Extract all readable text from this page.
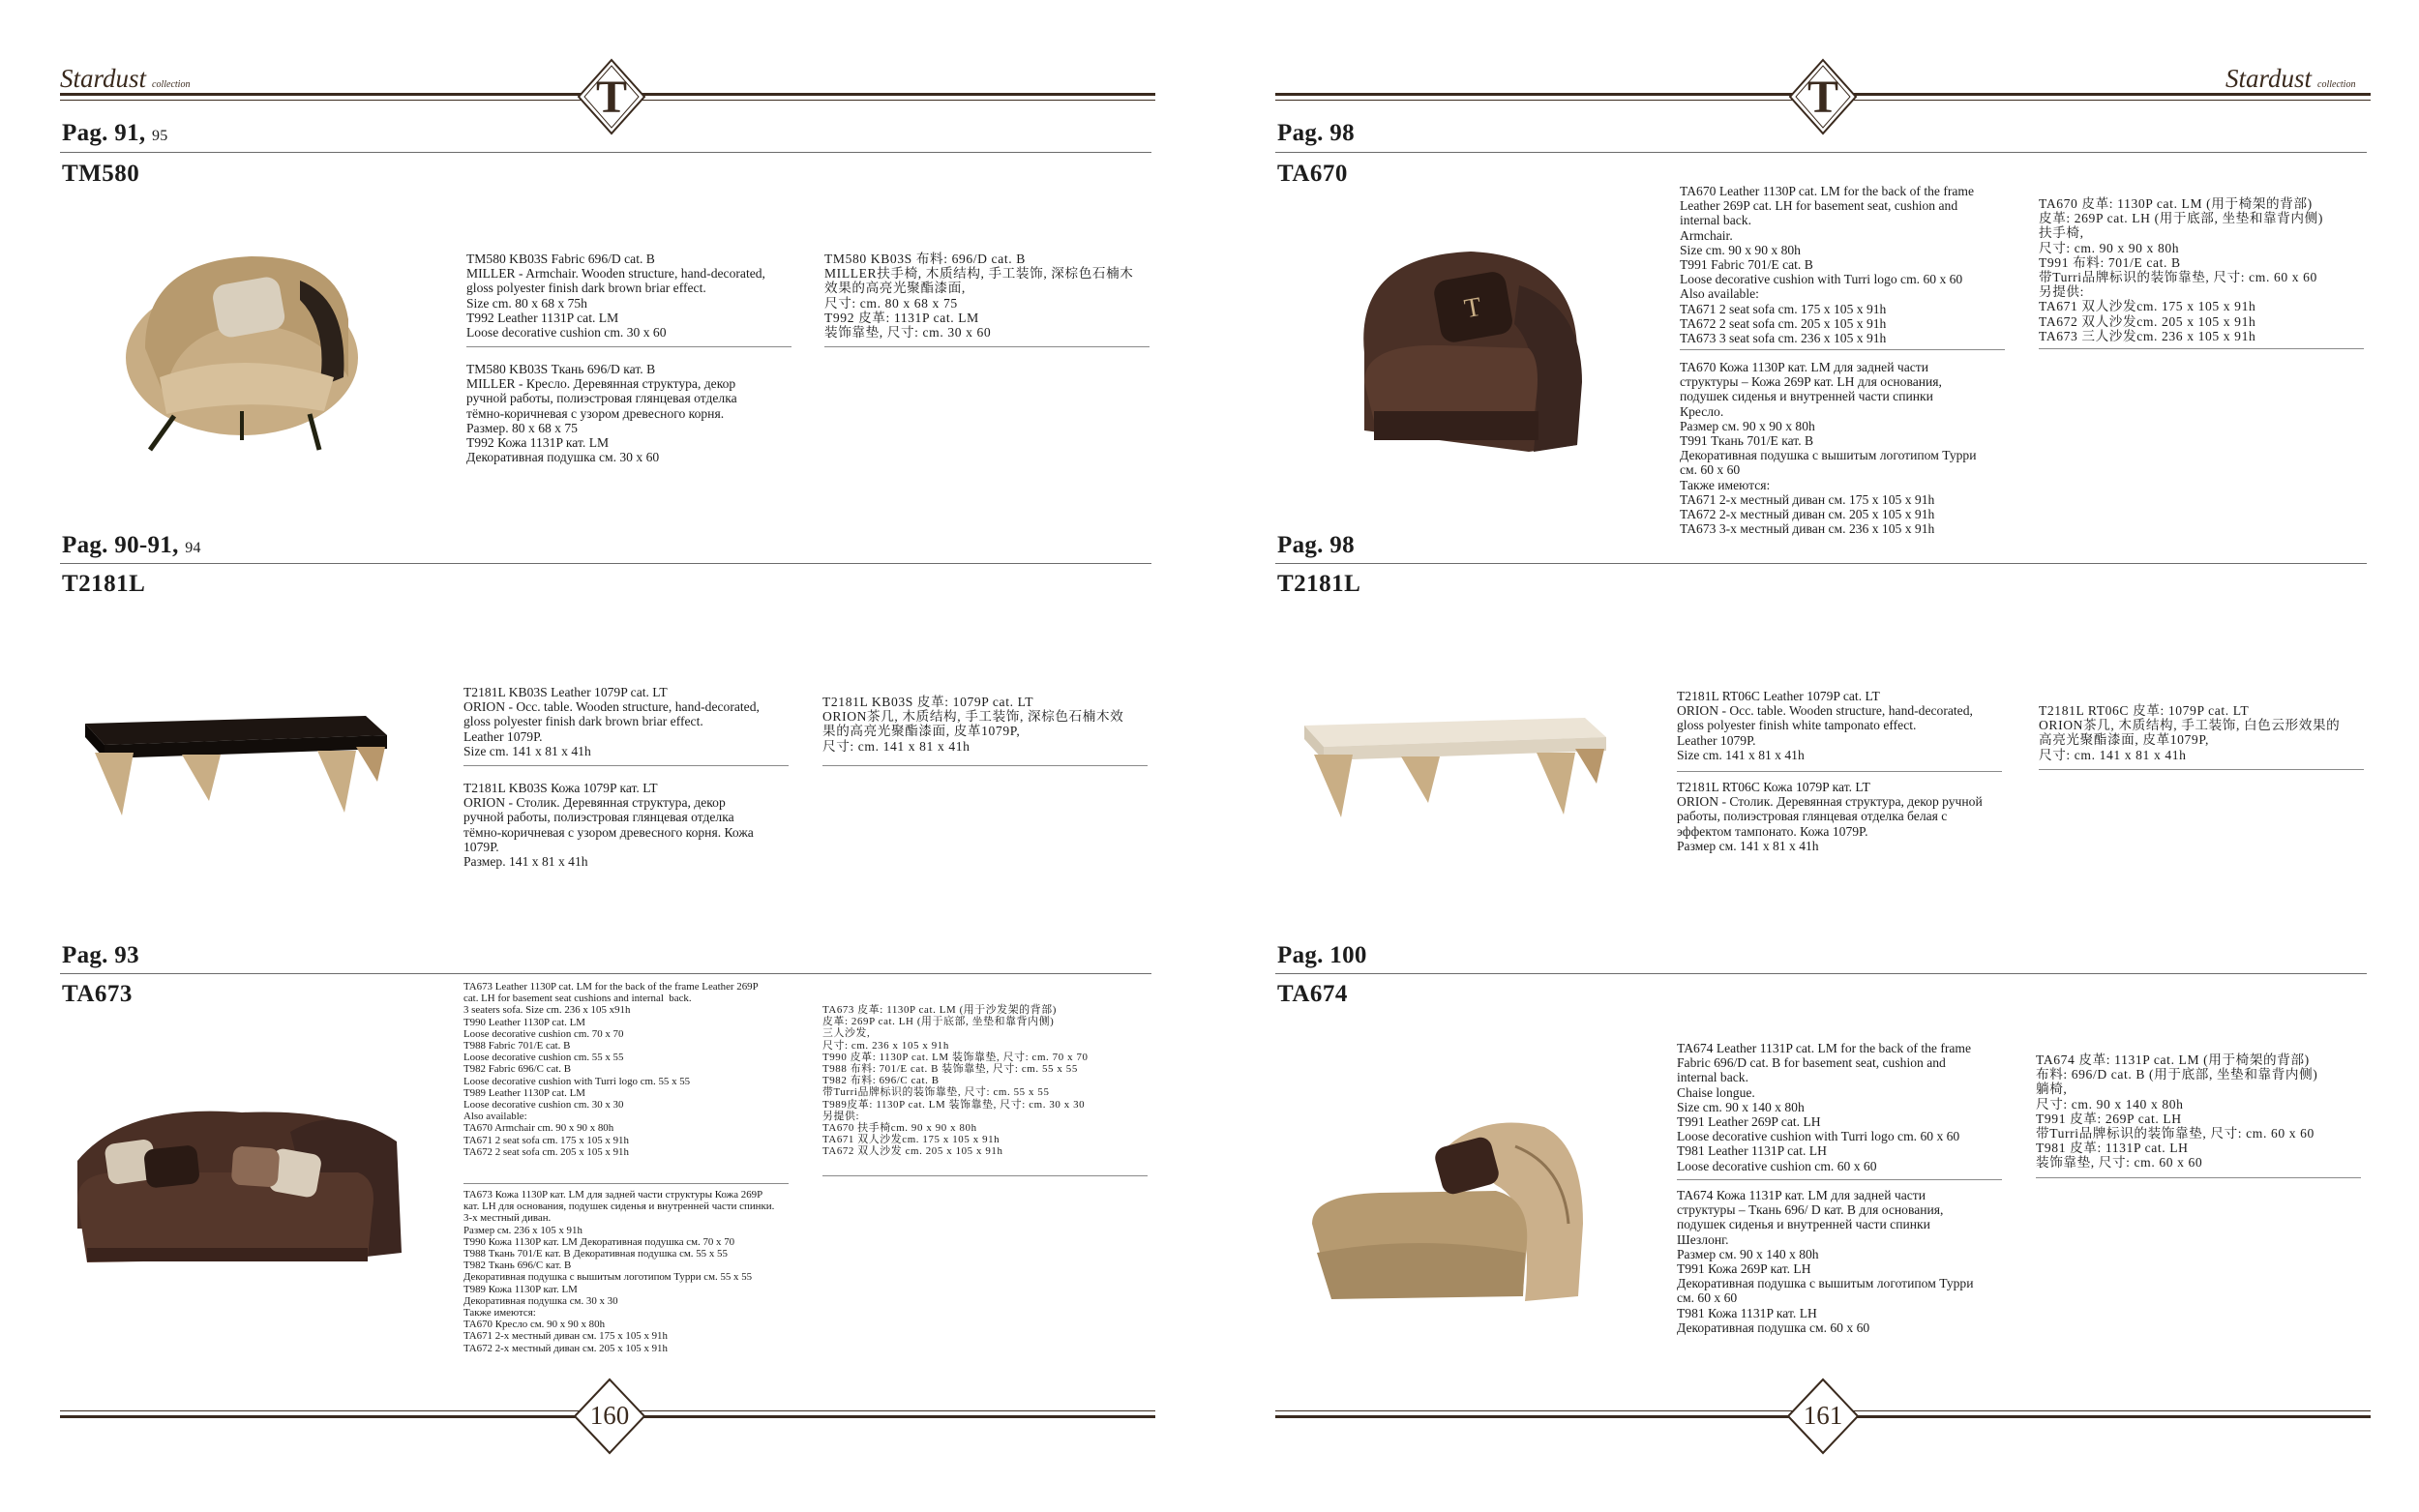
Stardust collection	Stardust collection
T	T
Pag. 91, 95
TM580
TM580 KB03S Fabric 696/D cat. B
MILLER - Armchair. Wooden structure, hand-decorated,
gloss polyester finish dark brown briar effect.
Size cm. 80 x 68 x 75h
T992 Leather 1131P cat. LM
Loose decorative cushion cm. 30 x 60
TM580 KB03S Ткань 696/D кат. B
MILLER - Кресло. Деревянная структура, декор
ручной работы, полиэстровая глянцевая отделка
тёмно-коричневая с узором древесного корня.
Размер. 80 x 68 x 75
T992 Кожа 1131P кат. LM
Декоративная подушка см. 30 x 60
TM580 KB03S 布料: 696/D cat. B
MILLER扶手椅, 木质结构, 手工装饰, 深棕色石楠木
效果的高亮光聚酯漆面,
尺寸: cm. 80 x 68 x 75
T992 皮革: 1131P cat. LM
装饰靠垫, 尺寸: cm. 30 x 60
Pag. 90-91, 94
T2181L
T2181L KB03S Leather 1079P cat. LT
ORION - Occ. table. Wooden structure, hand-decorated,
gloss polyester finish dark brown briar effect.
Leather 1079P.
Size cm. 141 x 81 x 41h
T2181L KB03S Кожа 1079P кат. LT
ORION - Столик. Деревянная структура, декор
ручной работы, полиэстровая глянцевая отделка
тёмно-коричневая с узором древесного корня. Кожа
1079P.
Размер. 141 x 81 x 41h
T2181L KB03S 皮革: 1079P cat. LT
ORION茶几, 木质结构, 手工装饰, 深棕色石楠木效
果的高亮光聚酯漆面, 皮革1079P,
尺寸: cm. 141 x 81 x 41h
Pag. 93
TA673	TA673 Leather 1130P cat. LM for the back of the frame Leather 269P
cat. LH for basement seat cushions and internal  back.
3 seaters sofa. Size cm. 236 x 105 x91h
T990 Leather 1130P cat. LM
Loose decorative cushion cm. 70 x 70
T988 Fabric 701/E cat. B
Loose decorative cushion cm. 55 x 55
T982 Fabric 696/C cat. B
Loose decorative cushion with Turri logo cm. 55 x 55
T989 Leather 1130P cat. LM
Loose decorative cushion cm. 30 x 30
Also available:
TA670 Armchair cm. 90 x 90 x 80h
TA671 2 seat sofa cm. 175 x 105 x 91h
TA672 2 seat sofa cm. 205 x 105 x 91h
TA673 Кожа 1130P кат. LM для задней части структуры Кожа 269P
кат. LH для основания, подушек сиденья и внутренней части спинки.
3-х местный диван.
Размер см. 236 x 105 x 91h
T990 Кожа 1130P кат. LM Декоративная подушка см. 70 x 70
T988 Ткань 701/E кат. B Декоративная подушка см. 55 x 55
T982 Ткань 696/C кат. B
Декоративная подушка с вышитым логотипом Турри см. 55 x 55
T989 Кожа 1130P кат. LM
Декоративная подушка см. 30 x 30
Также имеются:
TA670 Кресло см. 90 x 90 x 80h
TA671 2-х местный диван см. 175 x 105 x 91h
TA672 2-х местный диван см. 205 x 105 x 91h
TA673 皮革: 1130P cat. LM (用于沙发架的背部)
皮革: 269P cat. LH (用于底部, 坐垫和靠背内侧)
三人沙发,
尺寸: cm. 236 x 105 x 91h
T990 皮革: 1130P cat. LM 装饰靠垫, 尺寸: cm. 70 x 70
T988 布料: 701/E cat. B 装饰靠垫, 尺寸: cm. 55 x 55
T982 布料: 696/C cat. B
带Turri品牌标识的装饰靠垫, 尺寸: cm. 55 x 55
T989皮革: 1130P cat. LM 装饰靠垫, 尺寸: cm. 30 x 30
另提供:
TA670 扶手椅cm. 90 x 90 x 80h
TA671 双人沙发cm. 175 x 105 x 91h
TA672 双人沙发 cm. 205 x 105 x 91h
Pag. 98
TA670
T
TA670 Leather 1130P cat. LM for the back of the frame
Leather 269P cat. LH for basement seat, cushion and
internal back.
Armchair.
Size cm. 90 x 90 x 80h
T991 Fabric 701/E cat. B
Loose decorative cushion with Turri logo cm. 60 x 60
Also available:
TA671 2 seat sofa cm. 175 x 105 x 91h
TA672 2 seat sofa cm. 205 x 105 x 91h
TA673 3 seat sofa cm. 236 x 105 x 91h
TA670 Кожа 1130P кат. LM для задней части
структуры – Кожа 269P кат. LH для основания,
подушек сиденья и внутренней части спинки
Кресло.
Размер см. 90 x 90 x 80h
T991 Ткань 701/E кат. B
Декоративная подушка с вышитым логотипом Турри
см. 60 x 60
Также имеются:
TA671 2-х местный диван см. 175 x 105 x 91h
TA672 2-х местный диван см. 205 x 105 x 91h
TA673 3-х местный диван см. 236 x 105 x 91h
TA670 皮革: 1130P cat. LM (用于椅架的背部)
皮革: 269P cat. LH (用于底部, 坐垫和靠背内侧)
扶手椅,
尺寸: cm. 90 x 90 x 80h
T991 布料: 701/E cat. B
带Turri品牌标识的装饰靠垫, 尺寸: cm. 60 x 60
另提供:
TA671 双人沙发cm. 175 x 105 x 91h
TA672 双人沙发cm. 205 x 105 x 91h
TA673 三人沙发cm. 236 x 105 x 91h
Pag. 98
T2181L
T2181L RT06C Leather 1079P cat. LT
ORION - Occ. table. Wooden structure, hand-decorated,
gloss polyester finish white tamponato effect.
Leather 1079P.
Size cm. 141 x 81 x 41h
T2181L RT06C Кожа 1079P кат. LT
ORION - Столик. Деревянная структура, декор ручной
работы, полиэстровая глянцевая отделка белая с
эффектом тампонато. Кожа 1079P.
Размер см. 141 x 81 x 41h
T2181L RT06C 皮革: 1079P cat. LT
ORION茶几, 木质结构, 手工装饰, 白色云形效果的
高亮光聚酯漆面, 皮革1079P,
尺寸: cm. 141 x 81 x 41h
Pag. 100
TA674
TA674 Leather 1131P cat. LM for the back of the frame
Fabric 696/D cat. B for basement seat, cushion and
internal back.
Chaise longue.
Size cm. 90 x 140 x 80h
T991 Leather 269P cat. LH
Loose decorative cushion with Turri logo cm. 60 x 60
T981 Leather 1131P cat. LH
Loose decorative cushion cm. 60 x 60
TA674 Кожа 1131P кат. LM для задней части
структуры – Ткань 696/ D кат. B для основания,
подушек сиденья и внутренней части спинки
Шезлонг.
Размер см. 90 x 140 x 80h
T991 Кожа 269P кат. LH
Декоративная подушка с вышитым логотипом Турри
см. 60 x 60
T981 Кожа 1131P кат. LH
Декоративная подушка см. 60 x 60
TA674 皮革: 1131P cat. LM (用于椅架的背部)
布料: 696/D cat. B (用于底部, 坐垫和靠背内侧)
躺椅,
尺寸: cm. 90 x 140 x 80h
T991 皮革: 269P cat. LH
带Turri品牌标识的装饰靠垫, 尺寸: cm. 60 x 60
T981 皮革: 1131P cat. LH
装饰靠垫, 尺寸: cm. 60 x 60
160	161
